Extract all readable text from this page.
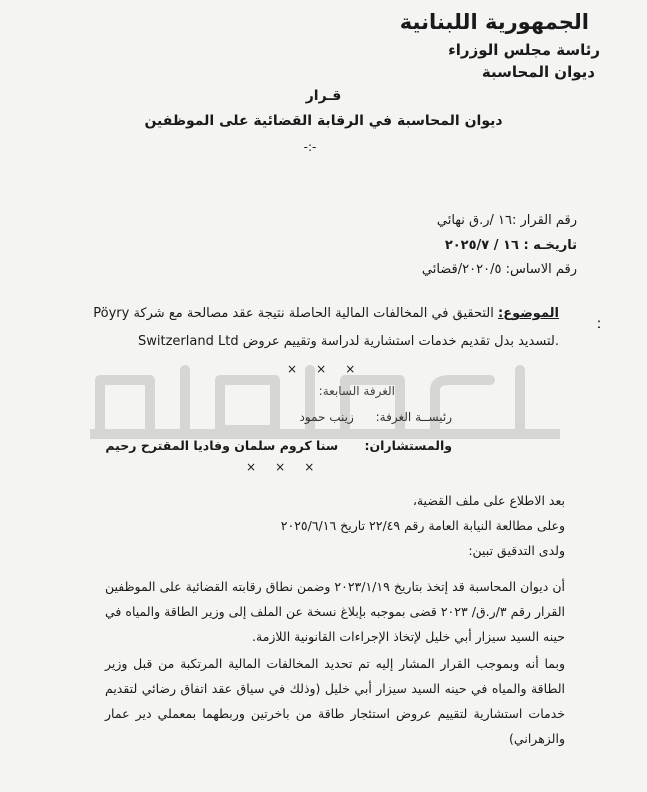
الجمهورية اللبنانية
رئاسة مجلس الوزراء
ديوان المحاسبة
قـرار
ديوان المحاسبة في الرقابة القضائية على الموظفين
-:-
رقم القرار :١٦ /ر.ق نهائي
تاريخـه : ١٦ / ٢٠٢٥/٧
رقم الاساس: ٢٠٢٠/٥/قضائي
ː
الموضوع: التحقيق في المخالفات المالية الحاصلة نتيجة عقد مصالحة مع شركة Pöyry
Switzerland Ltd لتسديد بدل تقديم خدمات استشارية لدراسة وتقييم عروض.
×     ×     ×
الغرفة السابعة:
رئيســة الغرفة: زينب حمود
والمستشاران: سنا كروم سلمان وفاديا المقترح رحيم
×     ×     ×
بعد الاطلاع على ملف القضية،
وعلى مطالعة النيابة العامة رقم ٢٢/٤٩ تاريخ ٢٠٢٥/٦/١٦
ولدى التدقيق تبين:
أن ديوان المحاسبة قد إتخذ بتاريخ ٢٠٢٣/١/١٩ وضمن نطاق رقابته القضائية على الموظفين القرار رقم ٣/ر.ق/ ٢٠٢٣ قضى بموجبه بإبلاغ نسخة عن الملف إلى وزير الطاقة والمياه في حينه السيد سيزار أبي خليل لإتخاذ الإجراءات القانونية اللازمة.
وبما أنه وبموجب القرار المشار إليه تم تحديد المخالفات المالية المرتكبة من قبل وزير الطاقة والمياه في حينه السيد سيزار أبي خليل (وذلك في سياق عقد اتفاق رضائي لتقديم خدمات استشارية لتقييم عروض استئجار طاقة من باخرتين وربطهما بمعملي دير عمار والزهراني)
